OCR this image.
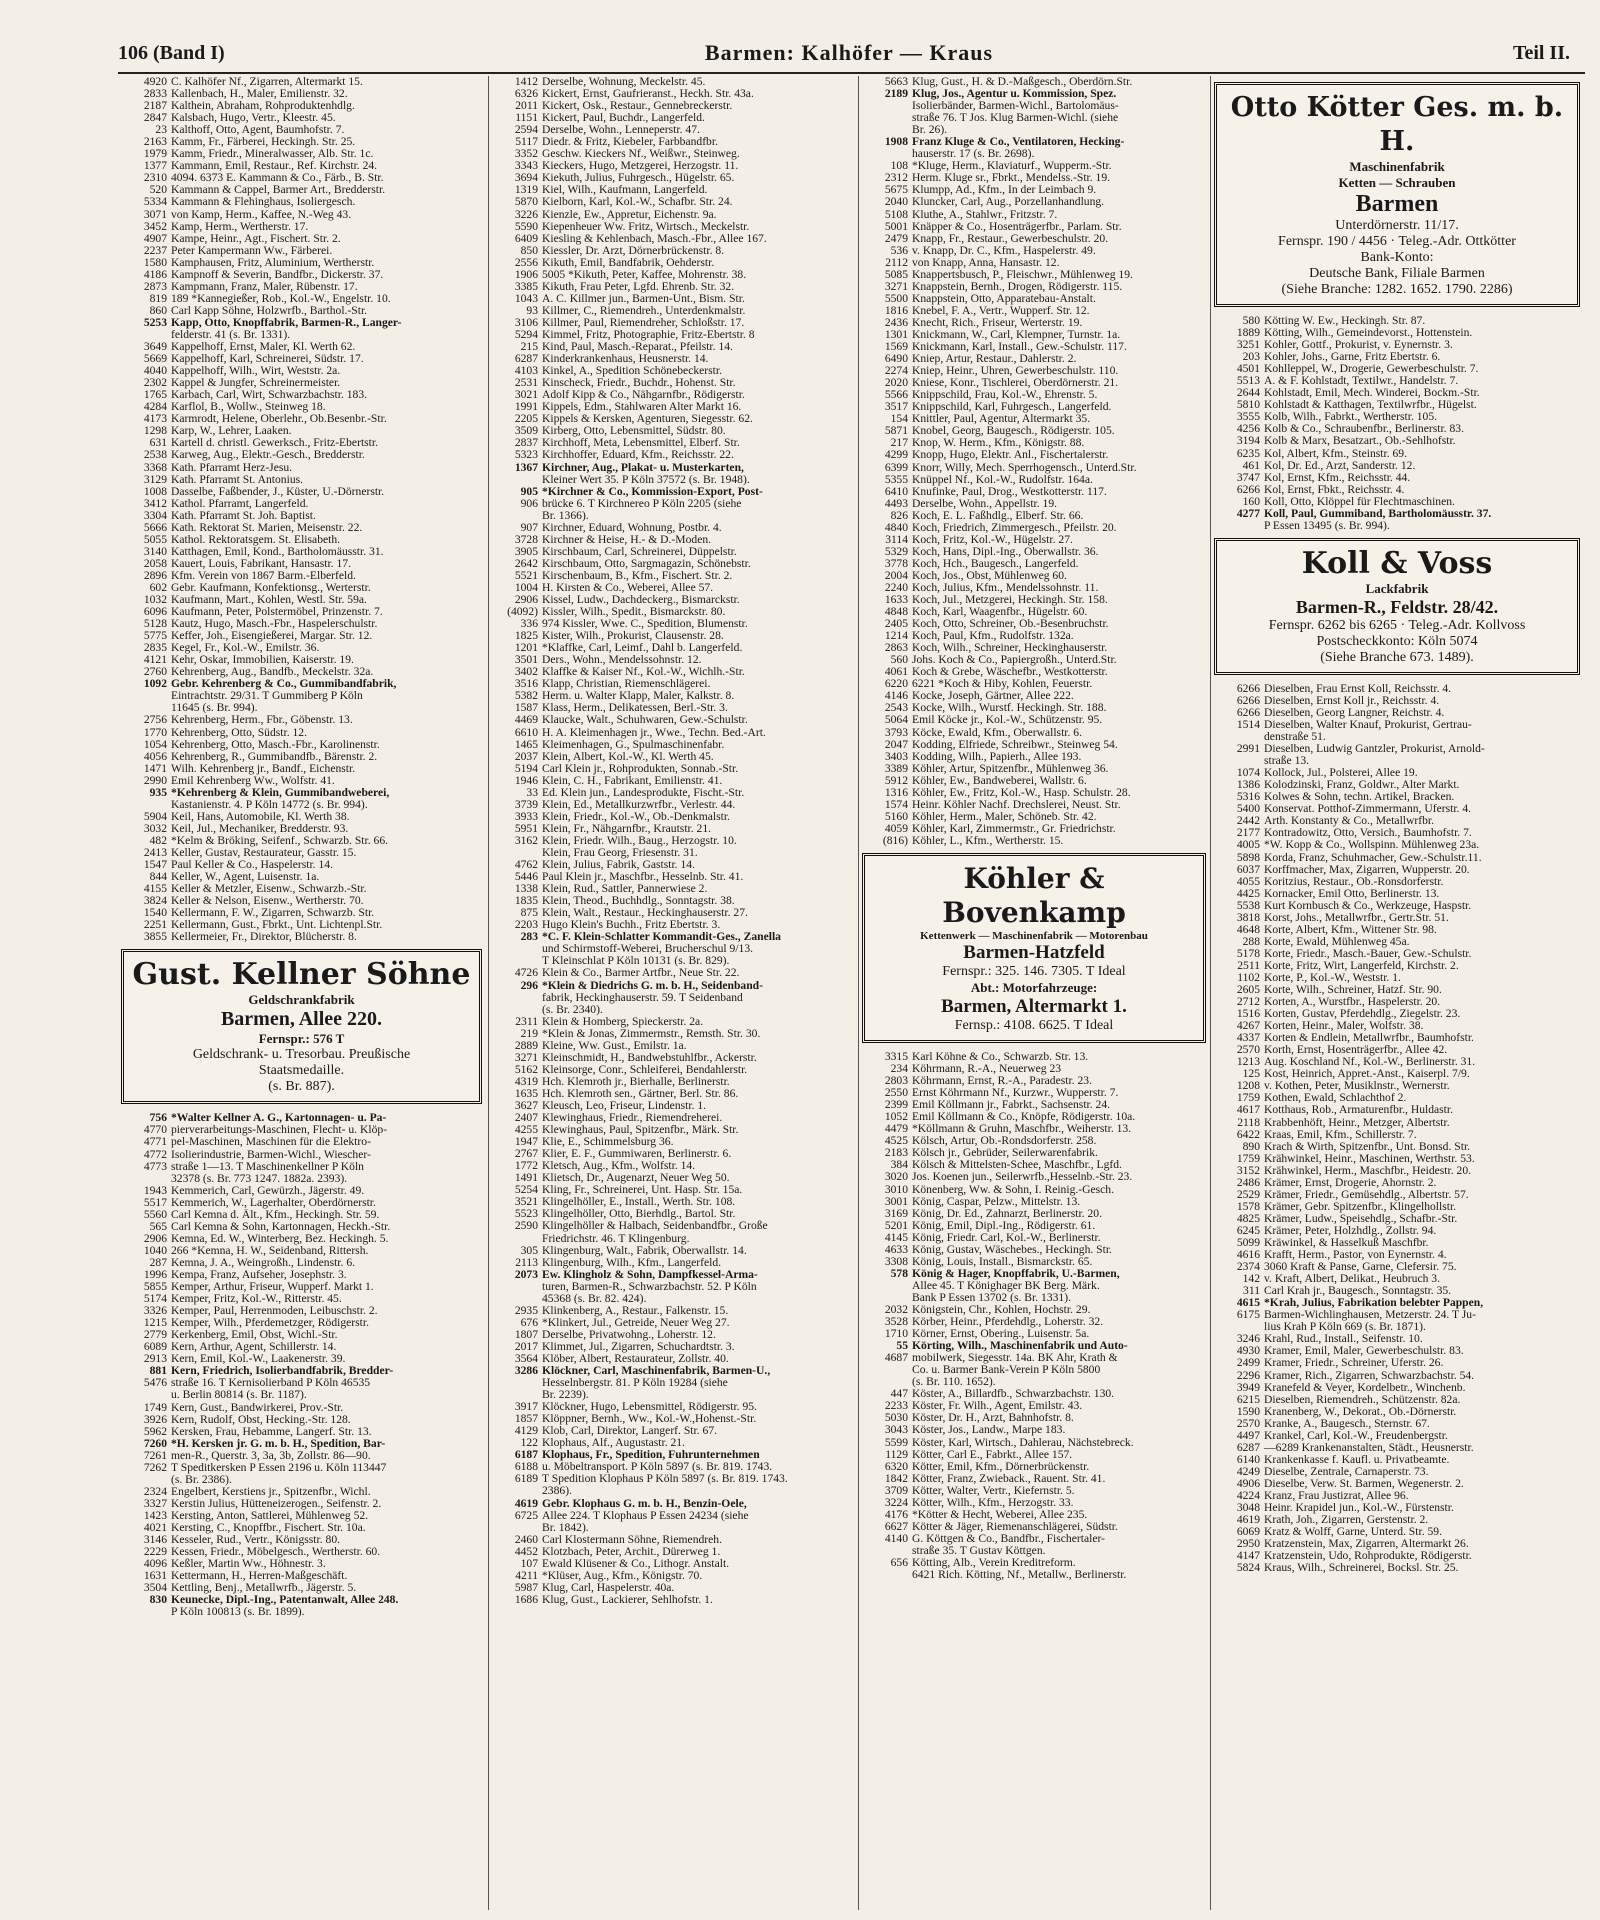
106 (Band I)	Barmen: Kalhöfer — Kraus	Teil II.
4920 C. Kalhöfer Nf., Zigarren, Altermarkt 15.
2833 Kallenbach, H., Maler, Emilienstr. 32.
2187 Kalthein, Abraham, Rohproduktenhdlg.
2847 Kalsbach, Hugo, Vertr., Kleestr. 45.
23 Kalthoff, Otto, Agent, Baumhofstr. 7.
2163 Kamm, Fr., Färberei, Heckingh. Str. 25.
1979 Kamm, Friedr., Mineralwasser, Alb. Str. 1c.
1377 Kammann, Emil, Restaur., Ref. Kirchstr. 24.
2310 4094. 6373 E. Kammann & Co., Färb., B. Str.
520 Kammann & Cappel, Barmer Art., Bredderstr.
5334 Kammann & Flehinghaus, Isoliergesch.
3071 von Kamp, Herm., Kaffee, N.-Weg 43.
3452 Kamp, Herm., Wertherstr. 17.
4907 Kampe, Heinr., Agt., Fischert. Str. 2.
2237 Peter Kampermann Ww., Färberei.
1580 Kamphausen, Fritz, Aluminium, Wertherstr.
4186 Kampnoff & Severin, Bandfbr., Dickerstr. 37.
2873 Kampmann, Franz, Maler, Rübenstr. 17.
819 189 *Kannegießer, Rob., Kol.-W., Engelstr. 10.
860 Carl Kapp Söhne, Holzwrfb., Barthol.-Str.
5253 Kapp, Otto, Knopffabrik, Barmen-R., Langer-
felderstr. 41 (s. Br. 1331).
3649 Kappelhoff, Ernst, Maler, Kl. Werth 62.
5669 Kappelhoff, Karl, Schreinerei, Südstr. 17.
4040 Kappelhoff, Wilh., Wirt, Weststr. 2a.
2302 Kappel & Jungfer, Schreinermeister.
1765 Karbach, Carl, Wirt, Schwarzbachstr. 183.
4284 Karflol, B., Wollw., Steinweg 18.
4173 Karmrodt, Helene, Oberlehr., Ob.Besenbr.-Str.
1298 Karp, W., Lehrer, Laaken.
631 Kartell d. christl. Gewerksch., Fritz-Ebertstr.
2538 Karweg, Aug., Elektr.-Gesch., Bredderstr.
3368 Kath. Pfarramt Herz-Jesu.
3129 Kath. Pfarramt St. Antonius.
1008 Dasselbe, Faßbender, J., Küster, U.-Dörnerstr.
3412 Kathol. Pfarramt, Langerfeld.
3304 Kath. Pfarramt St. Joh. Baptist.
5666 Kath. Rektorat St. Marien, Meisenstr. 22.
5055 Kathol. Rektoratsgem. St. Elisabeth.
3140 Katthagen, Emil, Kond., Bartholomäusstr. 31.
2058 Kauert, Louis, Fabrikant, Hansastr. 17.
2896 Kfm. Verein von 1867 Barm.-Elberfeld.
602 Gebr. Kaufmann, Konfektionsg., Werterstr.
1032 Kaufmann, Mart., Kohlen, Westl. Str. 59a.
6096 Kaufmann, Peter, Polstermöbel, Prinzenstr. 7.
5128 Kautz, Hugo, Masch.-Fbr., Haspelerschulstr.
5775 Keffer, Joh., Eisengießerei, Margar. Str. 12.
2835 Kegel, Fr., Kol.-W., Emilstr. 36.
4121 Kehr, Oskar, Immobilien, Kaiserstr. 19.
2760 Kehrenberg, Aug., Bandfb., Meckelstr. 32a.
1092 Gebr. Kehrenberg & Co., Gummibandfabrik,
Eintrachtstr. 29/31. T Gummiberg P Köln
11645 (s. Br. 994).
2756 Kehrenberg, Herm., Fbr., Göbenstr. 13.
1770 Kehrenberg, Otto, Südstr. 12.
1054 Kehrenberg, Otto, Masch.-Fbr., Karolinenstr.
4056 Kehrenberg, R., Gummibandfb., Bärenstr. 2.
1471 Wilh. Kehrenberg jr., Bandf., Eichenstr.
2990 Emil Kehrenberg Ww., Wolfstr. 41.
935 *Kehrenberg & Klein, Gummibandweberei,
Kastanienstr. 4. P Köln 14772 (s. Br. 994).
5904 Keil, Hans, Automobile, Kl. Werth 38.
3032 Keil, Jul., Mechaniker, Bredderstr. 93.
482 *Kelm & Bröking, Seifenf., Schwarzb. Str. 66.
2413 Keller, Gustav, Restaurateur, Gasstr. 15.
1547 Paul Keller & Co., Haspelerstr. 14.
844 Keller, W., Agent, Luisenstr. 1a.
4155 Keller & Metzler, Eisenw., Schwarzb.-Str.
3824 Keller & Nelson, Eisenw., Wertherstr. 70.
1540 Kellermann, F. W., Zigarren, Schwarzb. Str.
2251 Kellermann, Gust., Fbrkt., Unt. Lichtenpl.Str.
3855 Kellermeier, Fr., Direktor, Blücherstr. 8.
Gust. Kellner Söhne
Geldschrankfabrik
Barmen, Allee 220.
Fernspr.: 576 T
Geldschrank- u. Tresorbau. Preußische
Staatsmedaille.
(s. Br. 887).
756 *Walter Kellner A. G., Kartonnagen- u. Pa-
4770 pierverarbeitungs-Maschinen, Flecht- u. Klöp-
4771 pel-Maschinen, Maschinen für die Elektro-
4772 Isolierindustrie, Barmen-Wichl., Wiescher-
4773 straße 1—13. T Maschinenkellner P Köln
32378 (s. Br. 773 1247. 1882a. 2393).
1943 Kemmerich, Carl, Gewürzh., Jägerstr. 49.
5517 Kemmerich, W., Lagerhalter, Oberdörnerstr.
5560 Carl Kemna d. Ält., Kfm., Heckingh. Str. 59.
565 Carl Kemna & Sohn, Kartonnagen, Heckh.-Str.
2906 Kemna, Ed. W., Winterberg, Bez. Heckingh. 5.
1040 266 *Kemna, H. W., Seidenband, Rittersh.
287 Kemna, J. A., Weingroßh., Lindenstr. 6.
1996 Kempa, Franz, Aufseher, Josephstr. 3.
5855 Kemper, Arthur, Friseur, Wupperf. Markt 1.
5174 Kemper, Fritz, Kol.-W., Ritterstr. 45.
3326 Kemper, Paul, Herrenmoden, Leibuschstr. 2.
1215 Kemper, Wilh., Pferdemetzger, Rödigerstr.
2779 Kerkenberg, Emil, Obst, Wichl.-Str.
6089 Kern, Arthur, Agent, Schillerstr. 14.
2913 Kern, Emil, Kol.-W., Laakenerstr. 39.
881 Kern, Friedrich, Isolierbandfabrik, Bredder-
5476 straße 16. T Kernisolierband P Köln 46535
u. Berlin 80814 (s. Br. 1187).
1749 Kern, Gust., Bandwirkerei, Prov.-Str.
3926 Kern, Rudolf, Obst, Hecking.-Str. 128.
5962 Kersken, Frau, Hebamme, Langerf. Str. 13.
7260 *H. Kersken jr. G. m. b. H., Spedition, Bar-
7261 men-R., Querstr. 3, 3a, 3b, Zollstr. 86—90.
7262 T Speditkersken P Essen 2196 u. Köln 113447
(s. Br. 2386).
2324 Engelbert, Kerstiens jr., Spitzenfbr., Wichl.
3327 Kerstin Julius, Hütteneizerogen., Seifenstr. 2.
1423 Kersting, Anton, Sattlerei, Mühlenweg 52.
4021 Kersting, C., Knopffbr., Fischert. Str. 10a.
3146 Kesseler, Rud., Vertr., Königsstr. 80.
2229 Kessen, Friedr., Möbelgesch., Wertherstr. 60.
4096 Keßler, Martin Ww., Höhnestr. 3.
1631 Kettermann, H., Herren-Maßgeschäft.
3504 Kettling, Benj., Metallwrfb., Jägerstr. 5.
830 Keunecke, Dipl.-Ing., Patentanwalt, Allee 248.
P Köln 100813 (s. Br. 1899).
1412 Derselbe, Wohnung, Meckelstr. 45.
6326 Kickert, Ernst, Gaufrieranst., Heckh. Str. 43a.
2011 Kickert, Osk., Restaur., Gennebreckerstr.
1151 Kickert, Paul, Buchdr., Langerfeld.
2594 Derselbe, Wohn., Lenneperstr. 47.
5117 Diedr. & Fritz, Kiebeler, Farbbandfbr.
3352 Geschw. Kieckers Nf., Weißwr., Steinweg.
3343 Kieckers, Hugo, Metzgerei, Herzogstr. 11.
3694 Kiekuth, Julius, Fuhrgesch., Hügelstr. 65.
1319 Kiel, Wilh., Kaufmann, Langerfeld.
5870 Kielborn, Karl, Kol.-W., Schafbr. Str. 24.
3226 Kienzle, Ew., Appretur, Eichenstr. 9a.
5590 Kiepenheuer Ww. Fritz, Wirtsch., Meckelstr.
6409 Kiesling & Kehlenbach, Masch.-Fbr., Allee 167.
850 Kiessler, Dr. Arzt, Dörnerbrückenstr. 8.
2556 Kikuth, Emil, Bandfabrik, Oehderstr.
1906 5005 *Kikuth, Peter, Kaffee, Mohrenstr. 38.
3385 Kikuth, Frau Peter, Lgfd. Ehrenb. Str. 32.
1043 A. C. Killmer jun., Barmen-Unt., Bism. Str.
93 Killmer, C., Riemendreh., Unterdenkmalstr.
3106 Killmer, Paul, Riemendreher, Schloßstr. 17.
5294 Kimmel, Fritz, Photographie, Fritz-Ebertstr. 8
215 Kind, Paul, Masch.-Reparat., Pfeilstr. 14.
6287 Kinderkrankenhaus, Heusnerstr. 14.
4103 Kinkel, A., Spedition Schönebeckerstr.
2531 Kinscheck, Friedr., Buchdr., Hohenst. Str.
3021 Adolf Kipp & Co., Nähgarnfbr., Rödigerstr.
1991 Kippels, Edm., Stahlwaren Alter Markt 16.
2205 Kippels & Kersken, Agenturen, Siegesstr. 62.
3509 Kirberg, Otto, Lebensmittel, Südstr. 80.
2837 Kirchhoff, Meta, Lebensmittel, Elberf. Str.
5323 Kirchhoffer, Eduard, Kfm., Reichsstr. 22.
1367 Kirchner, Aug., Plakat- u. Musterkarten,
Kleiner Wert 35. P Köln 37572 (s. Br. 1948).
905 *Kirchner & Co., Kommission-Export, Post-
906 brücke 6. T Kirchnereo P Köln 2205 (siehe
Br. 1366).
907 Kirchner, Eduard, Wohnung, Postbr. 4.
3728 Kirchner & Heise, H.- & D.-Moden.
3905 Kirschbaum, Carl, Schreinerei, Düppelstr.
2642 Kirschbaum, Otto, Sargmagazin, Schönebstr.
5521 Kirschenbaum, B., Kfm., Fischert. Str. 2.
1004 H. Kirsten & Co., Weberei, Allee 57.
2906 Kissel, Ludw., Dachdeckerg., Bismarckstr.
(4092) Kissler, Wilh., Spedit., Bismarckstr. 80.
336 974 Kissler, Wwe. C., Spedition, Blumenstr.
1825 Kister, Wilh., Prokurist, Clausenstr. 28.
1201 *Klaffke, Carl, Leimf., Dahl b. Langerfeld.
3501 Ders., Wohn., Mendelssohnstr. 12.
3402 Klaffke & Kaiser Nf., Kol.-W., Wichlh.-Str.
3516 Klapp, Christian, Riemenschlägerei.
5382 Herm. u. Walter Klapp, Maler, Kalkstr. 8.
1587 Klass, Herm., Delikatessen, Berl.-Str. 3.
4469 Klaucke, Walt., Schuhwaren, Gew.-Schulstr.
6610 H. A. Kleimenhagen jr., Wwe., Techn. Bed.-Art.
1465 Kleimenhagen, G., Spulmaschinenfabr.
2037 Klein, Albert, Kol.-W., Kl. Werth 45.
5194 Carl Klein jr., Rohprodukten, Sonnab.-Str.
1946 Klein, C. H., Fabrikant, Emilienstr. 41.
33 Ed. Klein jun., Landesprodukte, Fischt.-Str.
3739 Klein, Ed., Metallkurzwrfbr., Verlestr. 44.
3933 Klein, Friedr., Kol.-W., Ob.-Denkmalstr.
5951 Klein, Fr., Nähgarnfbr., Krautstr. 21.
3162 Klein, Friedr. Wilh., Baug., Herzogstr. 10.
Klein, Frau Georg, Friesenstr. 31.
4762 Klein, Julius, Fabrik, Gaststr. 14.
5446 Paul Klein jr., Maschfbr., Hesselnb. Str. 41.
1338 Klein, Rud., Sattler, Pannerwiese 2.
1835 Klein, Theod., Buchhdlg., Sonntagstr. 38.
875 Klein, Walt., Restaur., Heckinghauserstr. 27.
2203 Hugo Klein's Buchh., Fritz Ebertstr. 3.
283 *C. F. Klein-Schlatter Kommandit-Ges., Zanella
und Schirmstoff-Weberei, Brucherschul 9/13.
T Kleinschlat P Köln 10131 (s. Br. 829).
4726 Klein & Co., Barmer Artfbr., Neue Str. 22.
296 *Klein & Diedrichs G. m. b. H., Seidenband-
fabrik, Heckinghauserstr. 59. T Seidenband
(s. Br. 2340).
2311 Klein & Homberg, Spieckerstr. 2a.
219 *Klein & Jonas, Zimmermstr., Remsth. Str. 30.
2889 Kleine, Ww. Gust., Emilstr. 1a.
3271 Kleinschmidt, H., Bandwebstuhlfbr., Ackerstr.
5162 Kleinsorge, Conr., Schleiferei, Bendahlerstr.
4319 Hch. Klemroth jr., Bierhalle, Berlinerstr.
1635 Hch. Klemroth sen., Gärtner, Berl. Str. 86.
3627 Kleusch, Leo, Friseur, Lindenstr. 1.
2407 Klewinghaus, Friedr., Riemendreherei.
4255 Klewinghaus, Paul, Spitzenfbr., Märk. Str.
1947 Klie, E., Schimmelsburg 36.
2767 Klier, E. F., Gummiwaren, Berlinerstr. 6.
1772 Kletsch, Aug., Kfm., Wolfstr. 14.
1491 Klietsch, Dr., Augenarzt, Neuer Weg 50.
5254 Kling, Fr., Schreinerei, Unt. Hasp. Str. 15a.
3521 Klingelhöller, E., Install., Werth. Str. 108.
5523 Klingelhöller, Otto, Bierhdlg., Bartol. Str.
2590 Klingelhöller & Halbach, Seidenbandfbr., Große
Friedrichstr. 46. T Klingenburg.
305 Klingenburg, Walt., Fabrik, Oberwallstr. 14.
2113 Klingenburg, Wilh., Kfm., Langerfeld.
2073 Ew. Klingholz & Sohn, Dampfkessel-Arma-
turen, Barmen-R., Schwarzbachstr. 52. P Köln
45368 (s. Br. 82. 424).
2935 Klinkenberg, A., Restaur., Falkenstr. 15.
676 *Klinkert, Jul., Getreide, Neuer Weg 27.
1807 Derselbe, Privatwohng., Loherstr. 12.
2017 Klimmet, Jul., Zigarren, Schuchardtstr. 3.
3564 Klöber, Albert, Restaurateur, Zollstr. 40.
3286 Klöckner, Carl, Maschinenfabrik, Barmen-U.,
Hesselnbergstr. 81. P Köln 19284 (siehe
Br. 2239).
3917 Klöckner, Hugo, Lebensmittel, Rödigerstr. 95.
1857 Klöppner, Bernh., Ww., Kol.-W.,Hohenst.-Str.
4129 Klob, Carl, Direktor, Langerf. Str. 67.
122 Klophaus, Alf., Augustastr. 21.
6187 Klophaus, Fr., Spedition, Fuhrunternehmen
6188 u. Möbeltransport. P Köln 5897 (s. Br. 819. 1743.
6189 T Spedition Klophaus P Köln 5897 (s. Br. 819. 1743.
2386).
4619 Gebr. Klophaus G. m. b. H., Benzin-Oele,
6725 Allee 224. T Klophaus P Essen 24234 (siehe
Br. 1842).
2460 Carl Klostermann Söhne, Riemendreh.
4452 Klotzbach, Peter, Archit., Dürerweg 1.
107 Ewald Klüsener & Co., Lithogr. Anstalt.
4211 *Klüser, Aug., Kfm., Königstr. 70.
5987 Klug, Carl, Haspelerstr. 40a.
1686 Klug, Gust., Lackierer, Sehlhofstr. 1.
5663 Klug, Gust., H. & D.-Maßgesch., Oberdörn.Str.
2189 Klug, Jos., Agentur u. Kommission, Spez.
Isolierbänder, Barmen-Wichl., Bartolomäus-
straße 76. T Jos. Klug Barmen-Wichl. (siehe
Br. 26).
1908 Franz Kluge & Co., Ventilatoren, Hecking-
hauserstr. 17 (s. Br. 2698).
108 *Kluge, Herm., Klaviaturf., Wupperm.-Str.
2312 Herm. Kluge sr., Fbrkt., Mendelss.-Str. 19.
5675 Klumpp, Ad., Kfm., In der Leimbach 9.
2040 Kluncker, Carl, Aug., Porzellanhandlung.
5108 Kluthe, A., Stahlwr., Fritzstr. 7.
5001 Knäpper & Co., Hosenträgerfbr., Parlam. Str.
2479 Knapp, Fr., Restaur., Gewerbeschulstr. 20.
536 v. Knapp, Dr. C., Kfm., Haspelerstr. 49.
2112 von Knapp, Anna, Hansastr. 12.
5085 Knappertsbusch, P., Fleischwr., Mühlenweg 19.
3271 Knappstein, Bernh., Drogen, Rödigerstr. 115.
5500 Knappstein, Otto, Apparatebau-Anstalt.
1816 Knebel, F. A., Vertr., Wupperf. Str. 12.
2436 Knecht, Rich., Friseur, Werterstr. 19.
1301 Knickmann, W., Carl, Klempner, Turnstr. 1a.
1569 Knickmann, Karl, Install., Gew.-Schulstr. 117.
6490 Kniep, Artur, Restaur., Dahlerstr. 2.
2274 Kniep, Heinr., Uhren, Gewerbeschulstr. 110.
2020 Kniese, Konr., Tischlerei, Oberdörnerstr. 21.
5566 Knippschild, Frau, Kol.-W., Ehrenstr. 5.
3517 Knippschild, Karl, Fuhrgesch., Langerfeld.
154 Knittler, Paul, Agentur, Altermarkt 35.
5871 Knobel, Georg, Baugesch., Rödigerstr. 105.
217 Knop, W. Herm., Kfm., Königstr. 88.
4299 Knopp, Hugo, Elektr. Anl., Fischertalerstr.
6399 Knorr, Willy, Mech. Sperrhogensch., Unterd.Str.
5355 Knüppel Nf., Kol.-W., Rudolfstr. 164a.
6410 Knufinke, Paul, Drog., Westkotterstr. 117.
4493 Derselbe, Wohn., Appellstr. 19.
826 Koch, E. L. Faßhdlg., Elberf. Str. 66.
4840 Koch, Friedrich, Zimmergesch., Pfeilstr. 20.
3114 Koch, Fritz, Kol.-W., Hügelstr. 27.
5329 Koch, Hans, Dipl.-Ing., Oberwallstr. 36.
3778 Koch, Hch., Baugesch., Langerfeld.
2004 Koch, Jos., Obst, Mühlenweg 60.
2240 Koch, Julius, Kfm., Mendelssohnstr. 11.
1633 Koch, Jul., Metzgerei, Heckingh. Str. 158.
4848 Koch, Karl, Waagenfbr., Hügelstr. 60.
2405 Koch, Otto, Schreiner, Ob.-Besenbruchstr.
1214 Koch, Paul, Kfm., Rudolfstr. 132a.
2863 Koch, Wilh., Schreiner, Heckinghauserstr.
560 Johs. Koch & Co., Papiergroßh., Unterd.Str.
4061 Koch & Grebe, Wäschefbr., Westkotterstr.
6220 6221 *Koch & Hiby, Kohlen, Feuerstr.
4146 Kocke, Joseph, Gärtner, Allee 222.
2543 Kocke, Wilh., Wurstf. Heckingh. Str. 188.
5064 Emil Köcke jr., Kol.-W., Schützenstr. 95.
3793 Köcke, Ewald, Kfm., Oberwallstr. 6.
2047 Kodding, Elfriede, Schreibwr., Steinweg 54.
3403 Kodding, Wilh., Papierh., Allee 193.
3389 Köhler, Artur, Spitzenfbr., Mühlenweg 36.
5912 Köhler, Ew., Bandweberei, Wallstr. 6.
1316 Köhler, Ew., Fritz, Kol.-W., Hasp. Schulstr. 28.
1574 Heinr. Köhler Nachf. Drechslerei, Neust. Str.
5160 Köhler, Herm., Maler, Schöneb. Str. 42.
4059 Köhler, Karl, Zimmermstr., Gr. Friedrichstr.
(816) Köhler, L., Kfm., Wertherstr. 15.
Köhler & Bovenkamp
Kettenwerk — Maschinenfabrik — Motorenbau
Barmen-Hatzfeld
Fernspr.: 325. 146. 7305. T Ideal
Abt.: Motorfahrzeuge:
Barmen, Altermarkt 1.
Fernsp.: 4108. 6625. T Ideal
3315 Karl Köhne & Co., Schwarzb. Str. 13.
234 Köhrmann, R.-A., Neuerweg 23
2803 Köhrmann, Ernst, R.-A., Paradestr. 23.
2550 Ernst Köhrmann Nf., Kurzwr., Wupperstr. 7.
2399 Emil Köllmann jr., Fabrkt., Sachsenstr. 24.
1052 Emil Köllmann & Co., Knöpfe, Rödigerstr. 10a.
4479 *Köllmann & Gruhn, Maschfbr., Weiherstr. 13.
4525 Kölsch, Artur, Ob.-Rondsdorferstr. 258.
2183 Kölsch jr., Gebrüder, Seilerwarenfabrik.
384 Kölsch & Mittelsten-Schee, Maschfbr., Lgfd.
3020 Jos. Koenen jun., Seilerwrfb.,Hesselnb.-Str. 23.
3010 Könenberg, Ww. & Sohn, I. Reinig.-Gesch.
3001 König, Caspar, Pelzw., Mittelstr. 13.
3169 König, Dr. Ed., Zahnarzt, Berlinerstr. 20.
5201 König, Emil, Dipl.-Ing., Rödigerstr. 61.
4145 König, Friedr. Carl, Kol.-W., Berlinerstr.
4633 König, Gustav, Wäschebes., Heckingh. Str.
3308 König, Louis, Install., Bismarckstr. 65.
578 König & Hager, Knopffabrik, U.-Barmen,
Allee 45. T Könighager BK Berg. Märk.
Bank P Essen 13702 (s. Br. 1331).
2032 Königstein, Chr., Kohlen, Hochstr. 29.
3528 Körber, Heinr., Pferdehdlg., Loherstr. 32.
1710 Körner, Ernst, Obering., Luisenstr. 5a.
55 Körting, Wilh., Maschinenfabrik und Auto-
4687 mobilwerk, Siegesstr. 14a. BK Ahr, Krath &
Co. u. Barmer Bank-Verein P Köln 5800
(s. Br. 110. 1652).
447 Köster, A., Billardfb., Schwarzbachstr. 130.
2233 Köster, Fr. Wilh., Agent, Emilstr. 43.
5030 Köster, Dr. H., Arzt, Bahnhofstr. 8.
3043 Köster, Jos., Landw., Marpe 183.
5599 Köster, Karl, Wirtsch., Dahlerau, Nächstebreck.
1129 Kötter, Carl E., Fabrkt., Allee 157.
6320 Kötter, Emil, Kfm., Dörnerbrückenstr.
1842 Kötter, Franz, Zwieback., Rauent. Str. 41.
3709 Kötter, Walter, Vertr., Kiefernstr. 5.
3224 Kötter, Wilh., Kfm., Herzogstr. 33.
4176 *Kötter & Hecht, Weberei, Allee 235.
6627 Kötter & Jäger, Riemenanschlägerei, Südstr.
4140 G. Köttgen & Co., Bandfbr., Fischertaler-
straße 35. T Gustav Köttgen.
656 Kötting, Alb., Verein Kreditreform.
6421 Rich. Kötting, Nf., Metallw., Berlinerstr.
Otto Kötter Ges. m. b. H.
Maschinenfabrik
Ketten — Schrauben
Barmen
Unterdörnerstr. 11/17.
Fernspr. 190 / 4456 · Teleg.-Adr. Ottkötter
Bank-Konto:
Deutsche Bank, Filiale Barmen
(Siehe Branche: 1282. 1652. 1790. 2286)
580 Kötting W. Ew., Heckingh. Str. 87.
1889 Kötting, Wilh., Gemeindevorst., Hottenstein.
3251 Kohler, Gottf., Prokurist, v. Eynernstr. 3.
203 Kohler, Johs., Garne, Fritz Ebertstr. 6.
4501 Kohlleppel, W., Drogerie, Gewerbeschulstr. 7.
5513 A. & F. Kohlstadt, Textilwr., Handelstr. 7.
2644 Kohlstadt, Emil, Mech. Winderei, Bockm.-Str.
5810 Kohlstadt & Katthagen, Textilwrfbr., Hügelst.
3555 Kolb, Wilh., Fabrkt., Wertherstr. 105.
4256 Kolb & Co., Schraubenfbr., Berlinerstr. 83.
3194 Kolb & Marx, Besatzart., Ob.-Sehlhofstr.
6235 Kol, Albert, Kfm., Steinstr. 69.
461 Kol, Dr. Ed., Arzt, Sanderstr. 12.
3747 Kol, Ernst, Kfm., Reichsstr. 44.
6266 Kol, Ernst, Fbkt., Reichsstr. 4.
160 Koll, Otto, Klöppel für Flechtmaschinen.
4277 Koll, Paul, Gummiband, Bartholomäusstr. 37.
P Essen 13495 (s. Br. 994).
Koll & Voss
Lackfabrik
Barmen-R., Feldstr. 28/42.
Fernspr. 6262 bis 6265 · Teleg.-Adr. Kollvoss
Postscheckkonto: Köln 5074
(Siehe Branche 673. 1489).
6266 Dieselben, Frau Ernst Koll, Reichsstr. 4.
6266 Dieselben, Ernst Koll jr., Reichsstr. 4.
6266 Dieselben, Georg Langner, Reichstr. 4.
1514 Dieselben, Walter Knauf, Prokurist, Gertrau-
denstraße 51.
2991 Dieselben, Ludwig Gantzler, Prokurist, Arnold-
straße 13.
1074 Kollock, Jul., Polsterei, Allee 19.
1386 Kolodzinski, Franz, Goldwr., Alter Markt.
5316 Kolwes & Sohn, techn. Artikel, Bracken.
5400 Konservat. Potthof-Zimmermann, Uferstr. 4.
2442 Arth. Konstanty & Co., Metallwrfbr.
2177 Kontradowitz, Otto, Versich., Baumhofstr. 7.
4005 *W. Kopp & Co., Wollspinn. Mühlenweg 23a.
5898 Korda, Franz, Schuhmacher, Gew.-Schulstr.11.
6037 Korffmacher, Max, Zigarren, Wupperstr. 20.
4055 Koritzius, Restaur., Ob.-Ronsdorferstr.
4425 Kornacker, Emil Otto, Berlinerstr. 13.
5538 Kurt Kornbusch & Co., Werkzeuge, Haspstr.
3818 Korst, Johs., Metallwrfbr., Gertr.Str. 51.
4648 Korte, Albert, Kfm., Wittener Str. 98.
288 Korte, Ewald, Mühlenweg 45a.
5178 Korte, Friedr., Masch.-Bauer, Gew.-Schulstr.
2511 Korte, Fritz, Wirt, Langerfeld, Kirchstr. 2.
1102 Korte, P., Kol.-W., Weststr. 1.
2605 Korte, Wilh., Schreiner, Hatzf. Str. 90.
2712 Korten, A., Wurstfbr., Haspelerstr. 20.
1516 Korten, Gustav, Pferdehdlg., Ziegelstr. 23.
4267 Korten, Heinr., Maler, Wolfstr. 38.
4337 Korten & Endlein, Metallwrfbr., Baumhofstr.
2570 Korth, Ernst, Hosenträgerfbr., Allee 42.
1213 Aug. Koschland Nf., Kol.-W., Berlinerstr. 31.
125 Kost, Heinrich, Appret.-Anst., Kaiserpl. 7/9.
1208 v. Kothen, Peter, Musiklnstr., Wernerstr.
1759 Kothen, Ewald, Schlachthof 2.
4617 Kotthaus, Rob., Armaturenfbr., Huldastr.
2118 Krabbenhöft, Heinr., Metzger, Albertstr.
6422 Kraas, Emil, Kfm., Schillerstr. 7.
890 Krach & Wirth, Spitzenfbr., Unt. Bonsd. Str.
1759 Krähwinkel, Heinr., Maschinen, Werthstr. 53.
3152 Krähwinkel, Herm., Maschfbr., Heidestr. 20.
2486 Krämer, Ernst, Drogerie, Ahornstr. 2.
2529 Krämer, Friedr., Gemüsehdlg., Albertstr. 57.
1578 Krämer, Gebr. Spitzenfbr., Klingelhollstr.
4825 Krämer, Ludw., Speisehdlg., Schafbr.-Str.
6245 Krämer, Peter, Holzhdlg., Zollstr. 94.
5099 Kräwinkel, & Hasselkuß Maschfbr.
4616 Krafft, Herm., Pastor, von Eynernstr. 4.
2374 3060 Kraft & Panse, Garne, Clefersir. 75.
142 v. Kraft, Albert, Delikat., Heubruch 3.
311 Carl Krah jr., Baugesch., Sonntagstr. 35.
4615 *Krah, Julius, Fabrikation belebter Pappen,
6175 Barmen-Wichlinghausen, Metzerstr. 24. T Ju-
lius Krah P Köln 669 (s. Br. 1871).
3246 Krahl, Rud., Install., Seifenstr. 10.
4930 Kramer, Emil, Maler, Gewerbeschulstr. 83.
2499 Kramer, Friedr., Schreiner, Uferstr. 26.
2296 Kramer, Rich., Zigarren, Schwarzbachstr. 54.
3949 Kranefeld & Veyer, Kordelbetr., Winchenb.
6215 Dieselben, Riemendreh., Schützenstr. 82a.
1590 Kranenberg, W., Dekorat., Ob.-Dörnerstr.
2570 Kranke, A., Baugesch., Sternstr. 67.
4497 Krankel, Carl, Kol.-W., Freudenbergstr.
6287 —6289 Krankenanstalten, Städt., Heusnerstr.
6140 Krankenkasse f. Kaufl. u. Privatbeamte.
4249 Dieselbe, Zentrale, Carnaperstr. 73.
4906 Dieselbe, Verw. St. Barmen, Wegenerstr. 2.
4224 Kranz, Frau Justizrat, Allee 96.
3048 Heinr. Krapidel jun., Kol.-W., Fürstenstr.
4619 Krath, Joh., Zigarren, Gerstenstr. 2.
6069 Kratz & Wolff, Garne, Unterd. Str. 59.
2950 Kratzenstein, Max, Zigarren, Altermarkt 26.
4147 Kratzenstein, Udo, Rohprodukte, Rödigerstr.
5824 Kraus, Wilh., Schreinerei, Bocksl. Str. 25.
